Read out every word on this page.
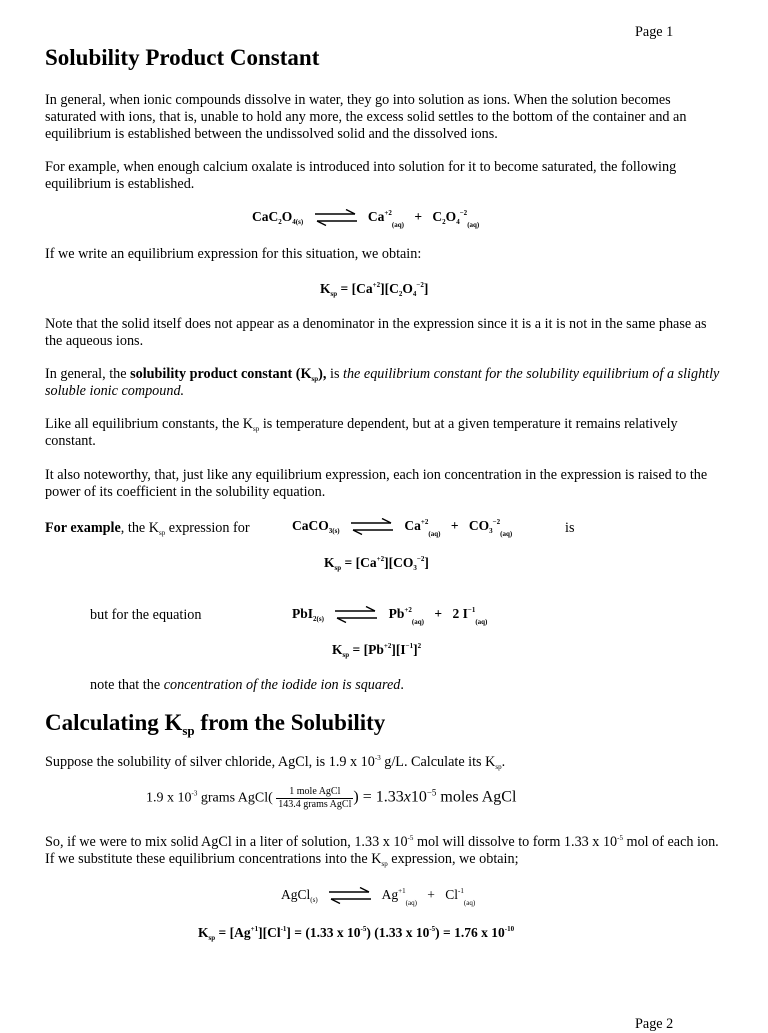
Page 1
Solubility Product Constant

In general, when ionic compounds dissolve in water, they go into solution as ions. When the solution becomes saturated with ions, that is, unable to hold any more, the excess solid settles to the bottom of the container and an equilibrium is established between the undissolved solid and the dissolved ions.

For example, when enough calcium oxalate is introduced into solution for it to become saturated, the following equilibrium is established.

$CaC_2O_{4(s)}$	$Ca^{+2}_{(aq)} + C_2O_4^{-2}_{(aq)}$

If we write an equilibrium expression for this situation, we obtain:

$K_{sp} = [Ca^{+2}][C_2O_4^{-2}]$

Note that the solid itself does not appear as a denominator in the expression since it is a it is not in the same phase as the aqueous ions.

In general, the solubility product constant $(K_{sp})$, is the equilibrium constant for the solubility equilibrium of a slightly soluble ionic compound.

Like all equilibrium constants, the $K_{sp}$ is temperature dependent, but at a given temperature it remains relatively constant.

It also noteworthy, that, just like any equilibrium expression, each ion concentration in the expression is raised to the power of its coefficient in the solubility equation.

For example, the $K_{sp}$ expression for	CaCO$_{3(s)}$	$Ca^{+2}_{(aq)} + CO_3^{-2}_{(aq)}$	is
$K_{sp} = [Ca^{+2}][CO_3^{-2}]$
but for the equation	PbI$_{2(s)}$	$Pb^{+2}_{(aq)} + 2$ $I^{-1}_{(aq)}$
$K_{sp} = [Pb^{+2}][I^{-1}]^2$
note that the concentration of the iodide ion is squared.
Calculating $K_{sp}$ from the Solubility

Suppose the solubility of silver chloride, AgCl, is 1.9 x $10^{-3}$ g/L. Calculate its $K_{sp}$.

1.9 x $10^{-3}$ grams AgCl( $\frac{\text{1 mole AgCl}}{\text{143.4 grams AgCl}}$ ) = $1.33x10^{-5}$ moles AgCl

So, if we were to mix solid AgCl in a liter of solution, 1.33 x $10^{-5}$ mol will dissolve to form 1.33 x $10^{-5}$ mol of each ion. If we substitute these equilibrium concentrations into the $K_{sp}$ expression, we obtain;

AgCl$_{(s)}$	$Ag^{+1}_{(aq)} + Cl^{-1}_{(aq)}$
$K_{sp} = [Ag^{+1}][Cl^{-1}] = (1.33$ x $10^{-5}$) (1.33 x $10^{-5}) = 1.76$ x $10^{-10}$
Page 2
